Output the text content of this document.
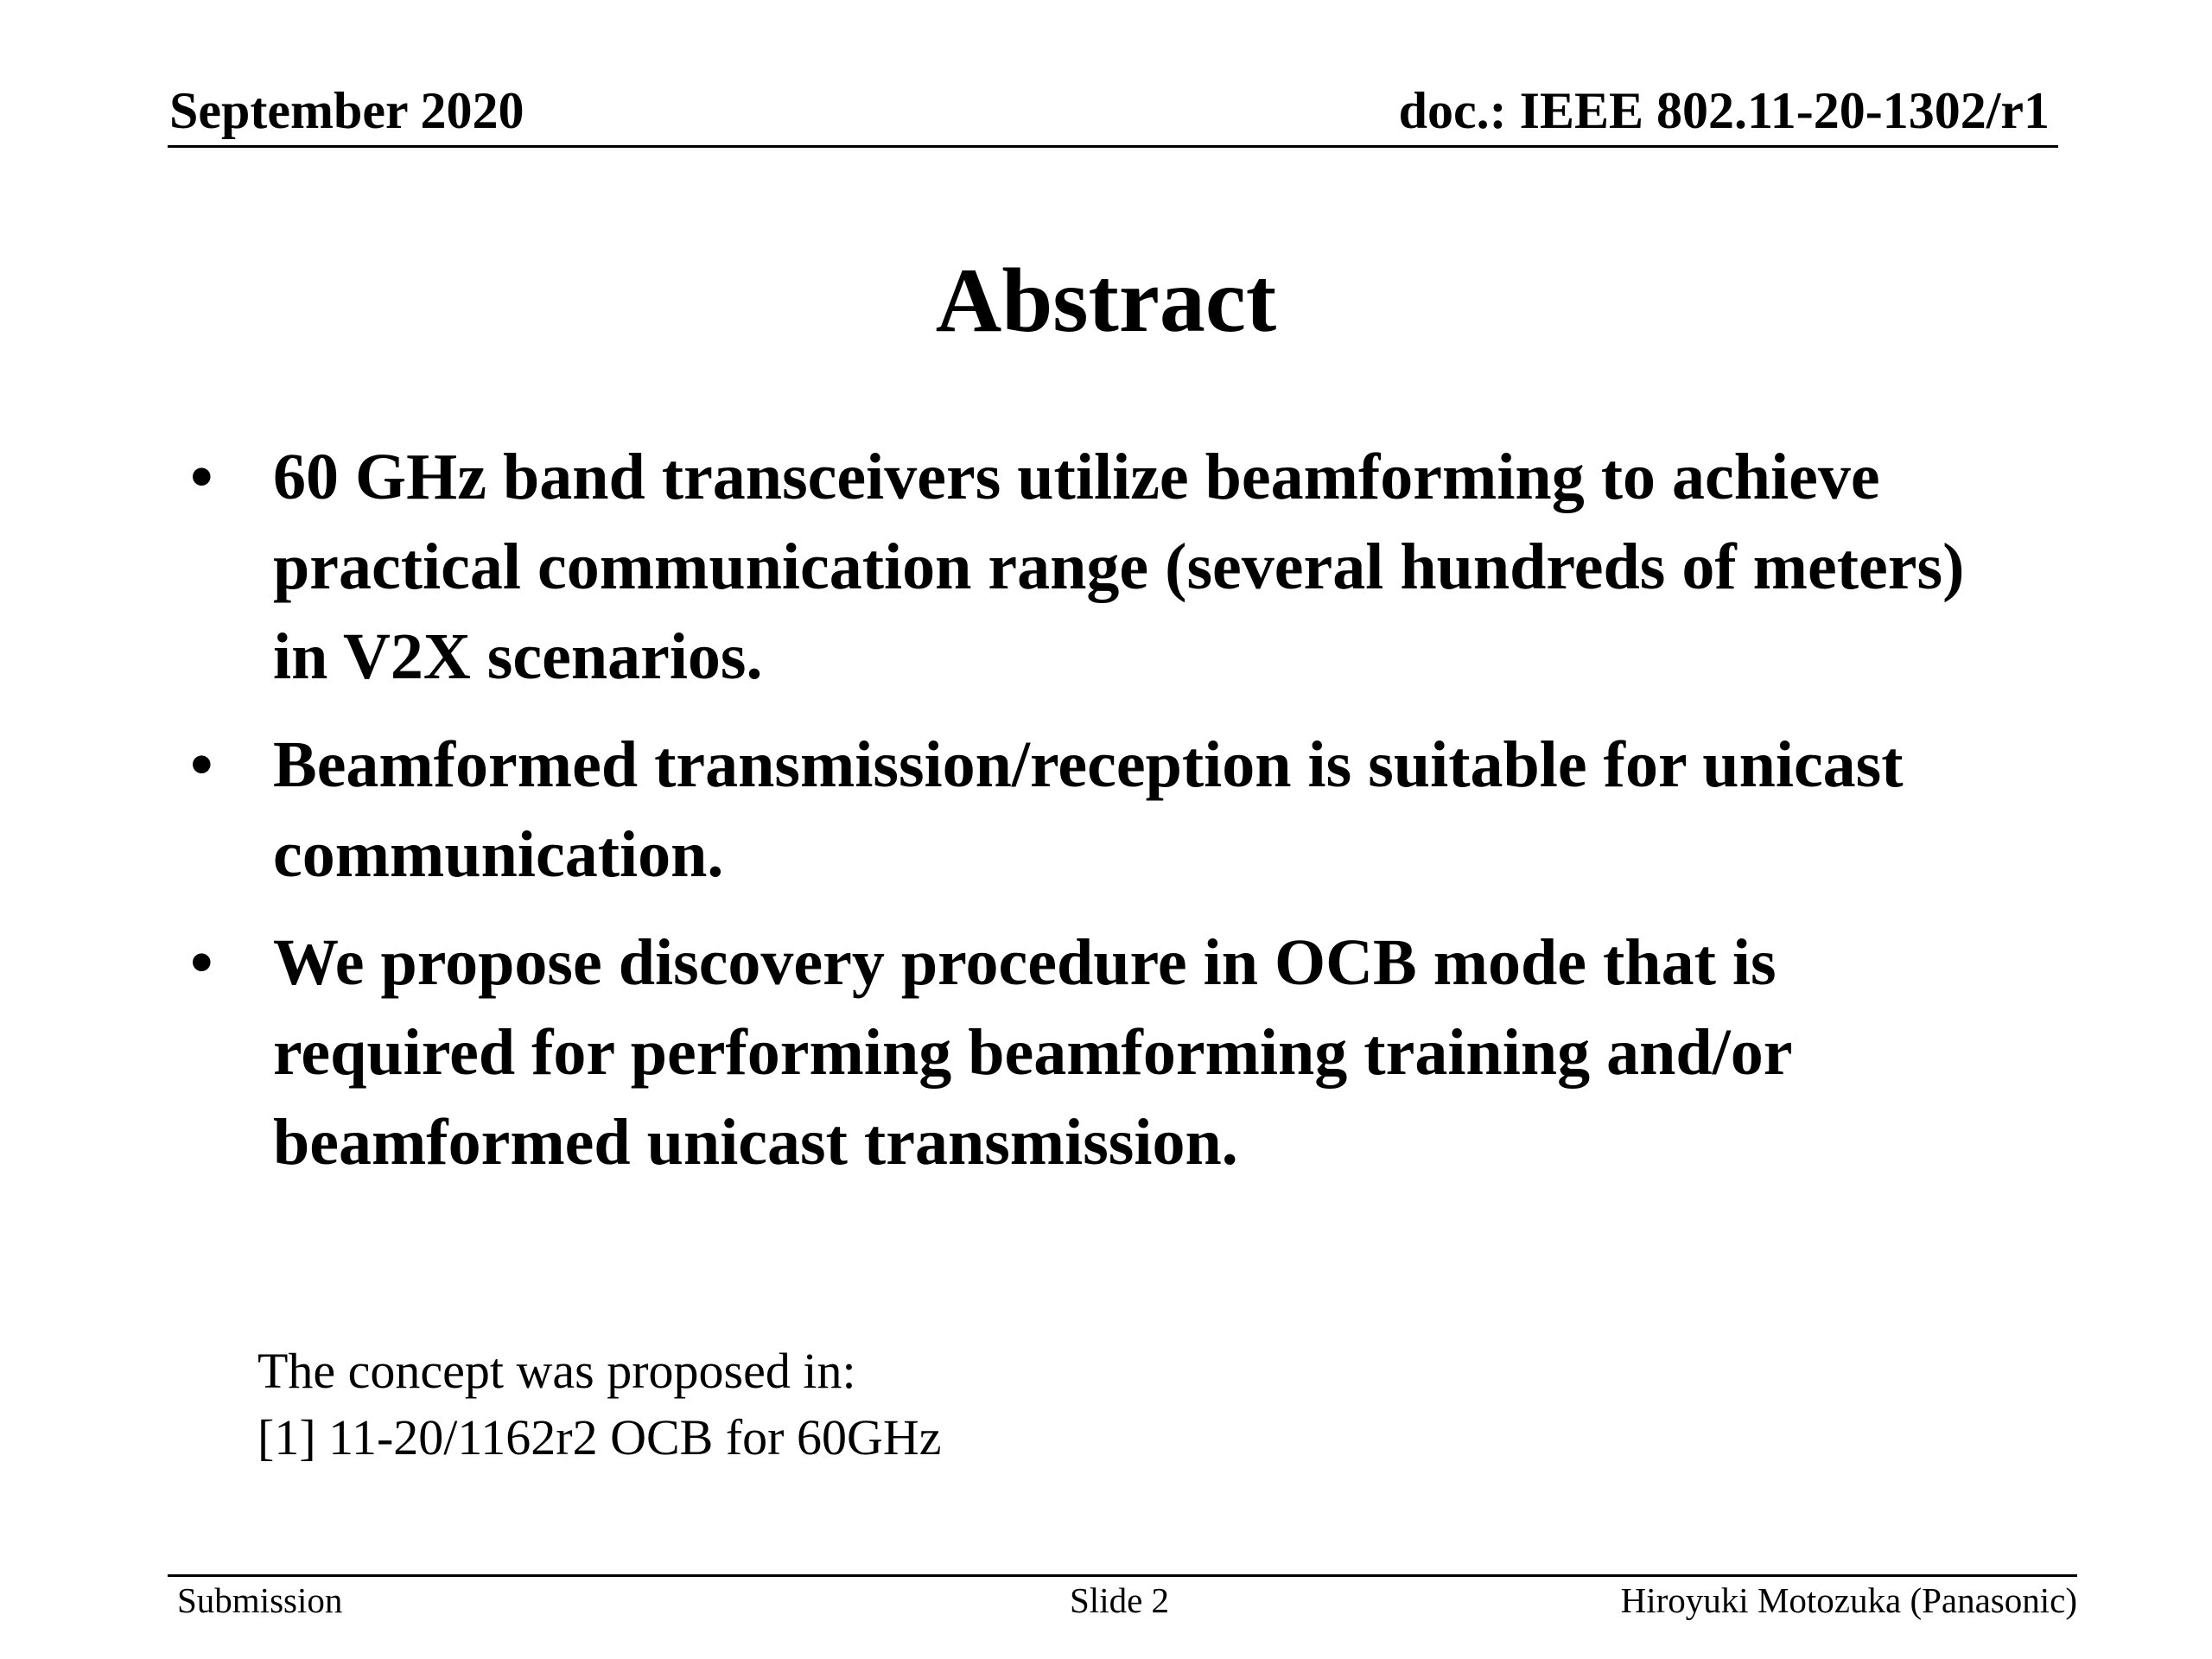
September 2020	doc.: IEEE 802.11-20-1302/r1
Abstract
• 60 GHz band transceivers utilize beamforming to achieve
practical communication range (several hundreds of meters)
in V2X scenarios.
• Beamformed transmission/reception is suitable for unicast
communication.
• We propose discovery procedure in OCB mode that is
required for performing beamforming training and/or
beamformed unicast transmission.
The concept was proposed in:
[1] 11-20/1162r2 OCB for 60GHz
Submission	Slide 2	Hiroyuki Motozuka (Panasonic)
